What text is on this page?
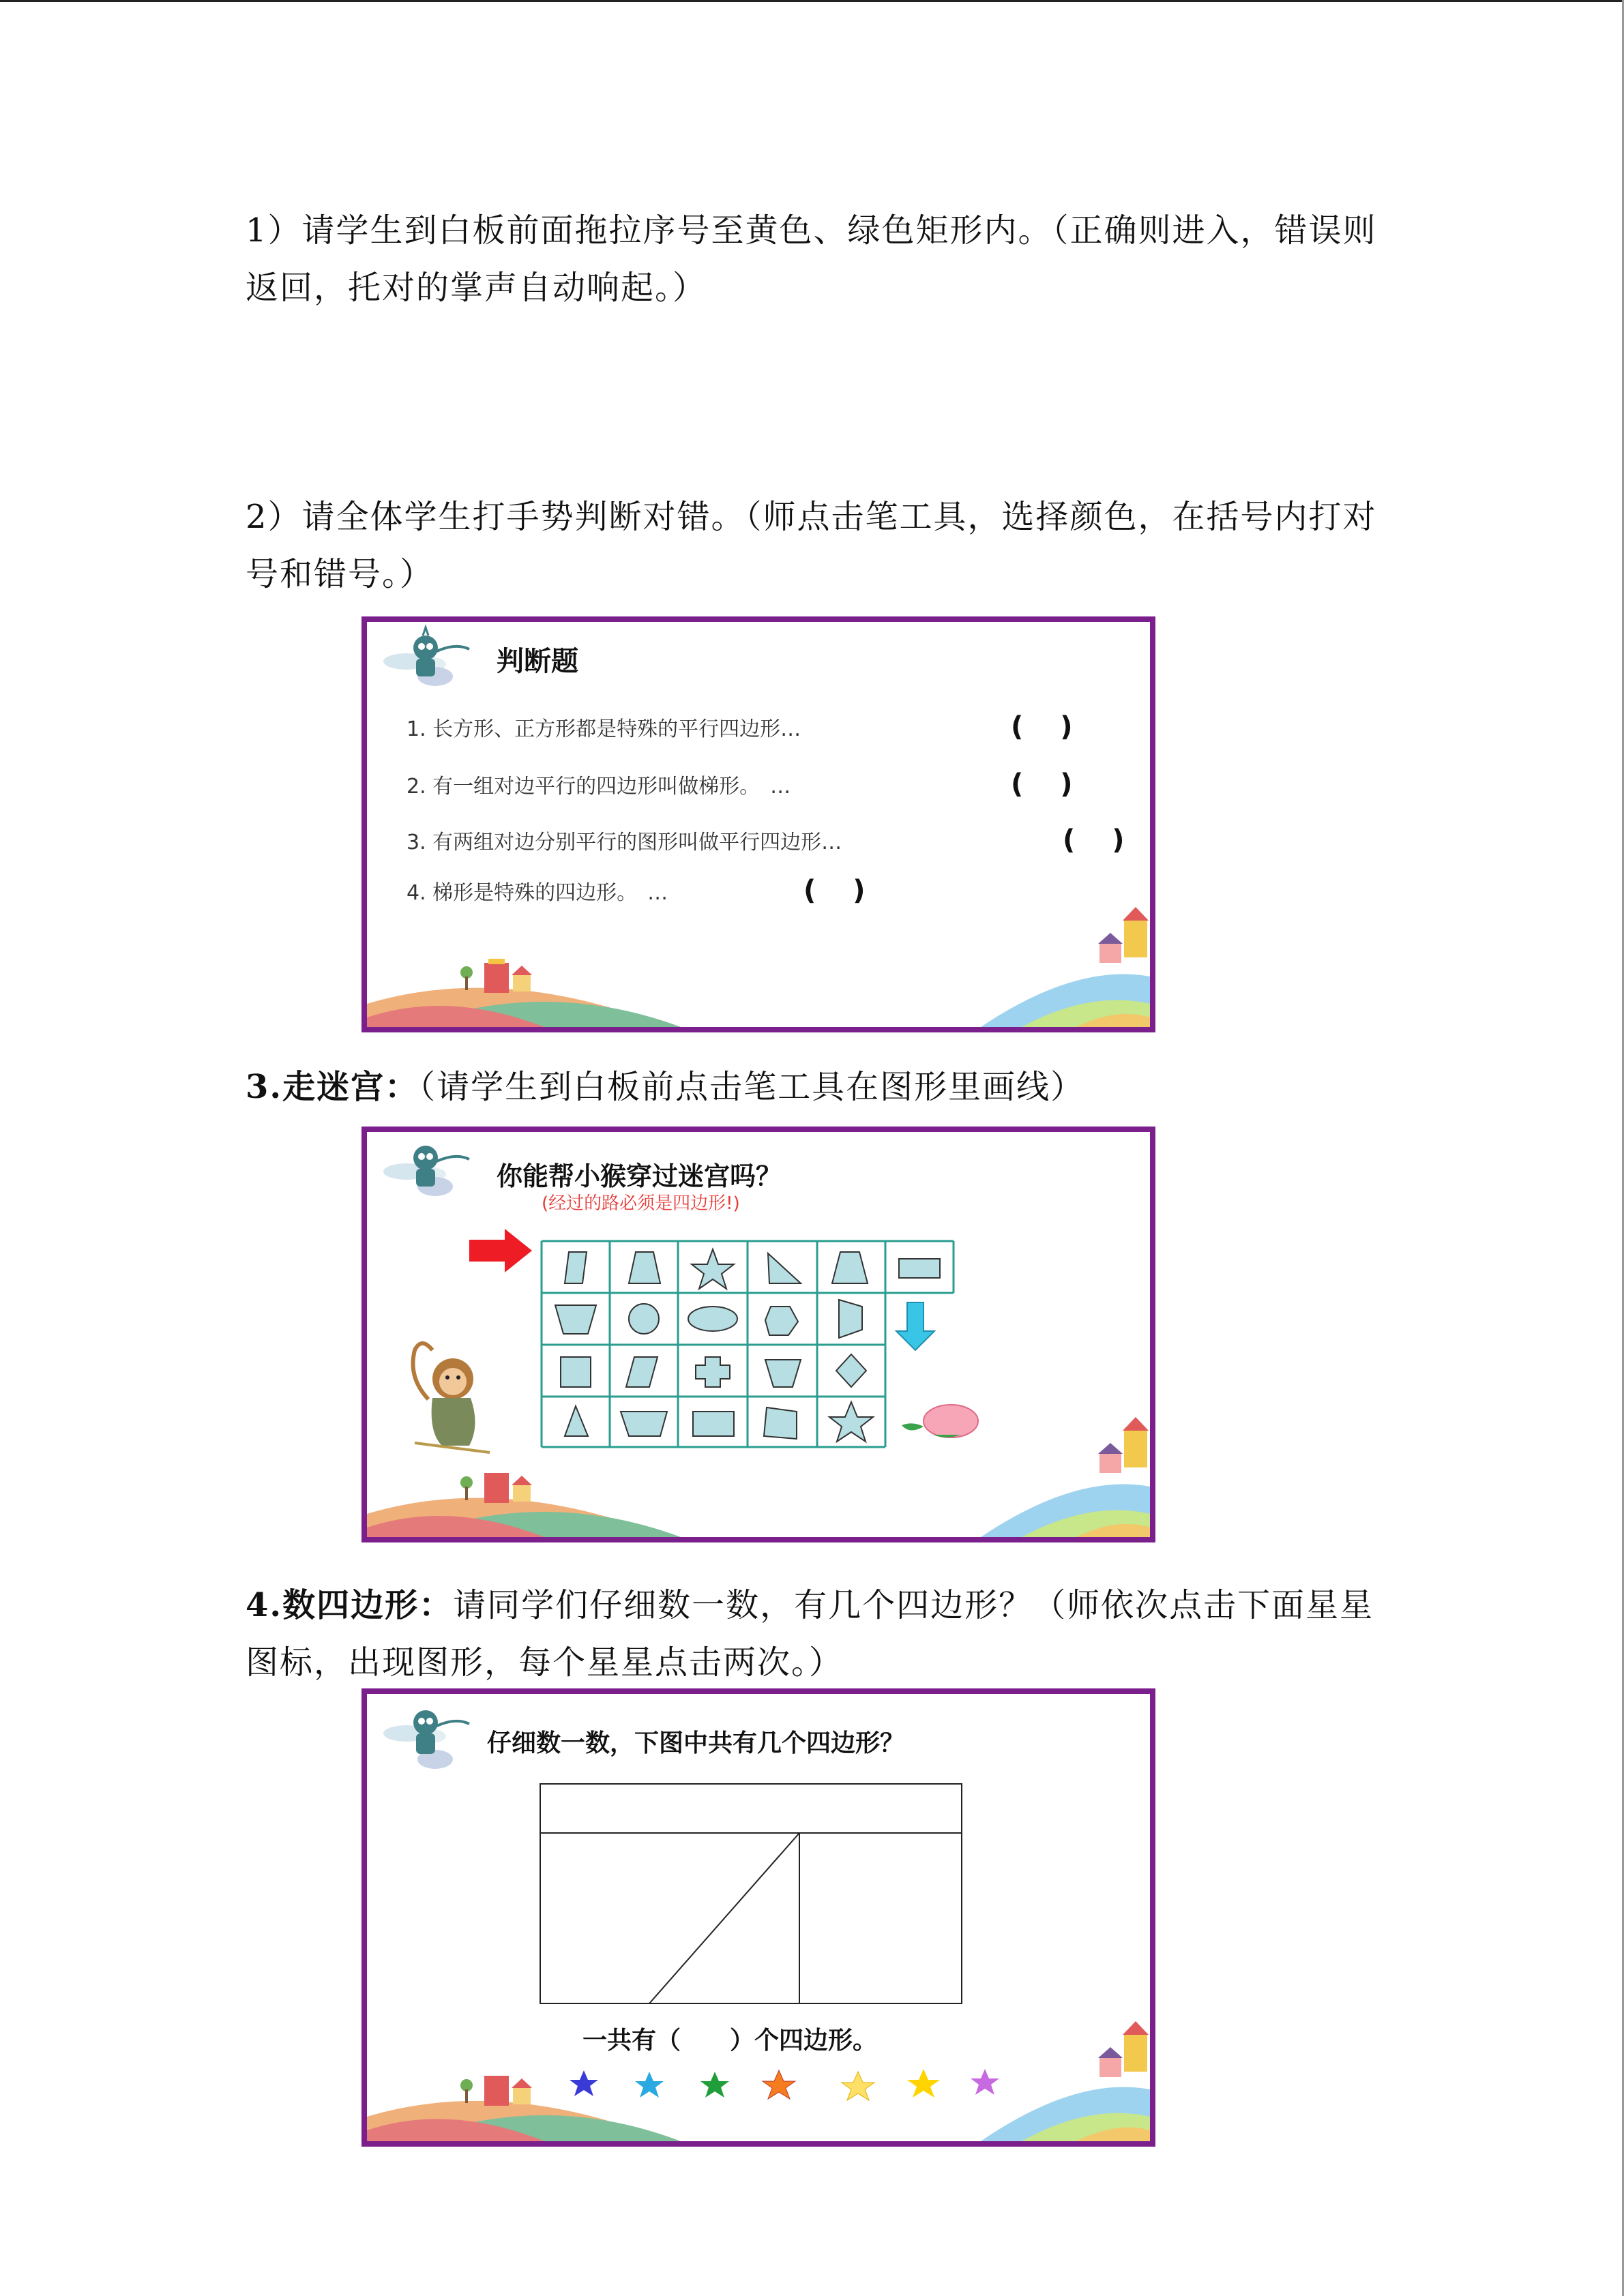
1）请学生到白板前面拖拉序号至黄色、绿色矩形内。（正确则进入，错误则返回，托对的掌声自动响起。）

2）请全体学生打手势判断对错。（师点击笔工具，选择颜色，在括号内打对号和错号。）

判断题
1. 长方形、正方形都是特殊的平行四边形…	(　 )
2. 有一组对边平行的四边形叫做梯形。　…	(　 )
3. 有两组对边分别平行的图形叫做平行四边形…	(　 )
4. 梯形是特殊的四边形。　…	(　 )

3.走迷宫：（请学生到白板前点击笔工具在图形里画线）

你能帮小猴穿过迷宫吗？
(经过的路必须是四边形!)

4.数四边形：请同学们仔细数一数，有几个四边形？（师依次点击下面星星图标，出现图形，每个星星点击两次。）

仔细数一数，下图中共有几个四边形？
一共有（　　）个四边形。
